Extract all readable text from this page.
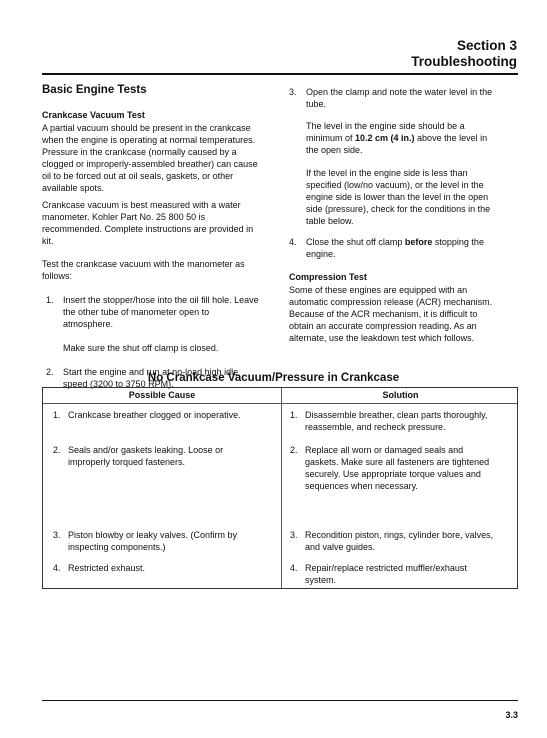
Section 3
Troubleshooting
Basic Engine Tests
Crankcase Vacuum Test
A partial vacuum should be present in the crankcase
when the engine is operating at normal temperatures.
Pressure in the crankcase (normally caused by a
clogged or improperly-assembled breather) can cause
oil to be forced out at oil seals, gaskets, or other
available spots.
Crankcase vacuum is best measured with a water
manometer. Kohler Part No. 25 800 50 is
recommended. Complete instructions are provided in
kit.
Test the crankcase vacuum with the manometer as
follows:
1. Insert the stopper/hose into the oil fill hole. Leave
the other tube of manometer open to
atmosphere.
Make sure the shut off clamp is closed.
2. Start the engine and run at no-load high idle
speed (3200 to 3750 RPM).
3. Open the clamp and note the water level in the
tube.
The level in the engine side should be a
minimum of 10.2 cm (4 in.) above the level in
the open side.
If the level in the engine side is less than
specified (low/no vacuum), or the level in the
engine side is lower than the level in the open
side (pressure), check for the conditions in the
table below.
4. Close the shut off clamp before stopping the
engine.
Compression Test
Some of these engines are equipped with an
automatic compression release (ACR) mechanism.
Because of the ACR mechanism, it is difficult to
obtain an accurate compression reading. As an
alternate, use the leakdown test which follows.
No Crankcase Vacuum/Pressure in Crankcase
Possible Cause	Solution
1. Crankcase breather clogged or inoperative.	1. Disassemble breather, clean parts thoroughly,
reassemble, and recheck pressure.
2. Seals and/or gaskets leaking. Loose or
improperly torqued fasteners.
2. Replace all worn or damaged seals and
gaskets. Make sure all fasteners are tightened
securely. Use appropriate torque values and
sequences when necessary.
3. Piston blowby or leaky valves. (Confirm by
inspecting components.)
3. Recondition piston, rings, cylinder bore, valves,
and valve guides.
4. Restricted exhaust.	4. Repair/replace restricted muffler/exhaust
system.
3.3
